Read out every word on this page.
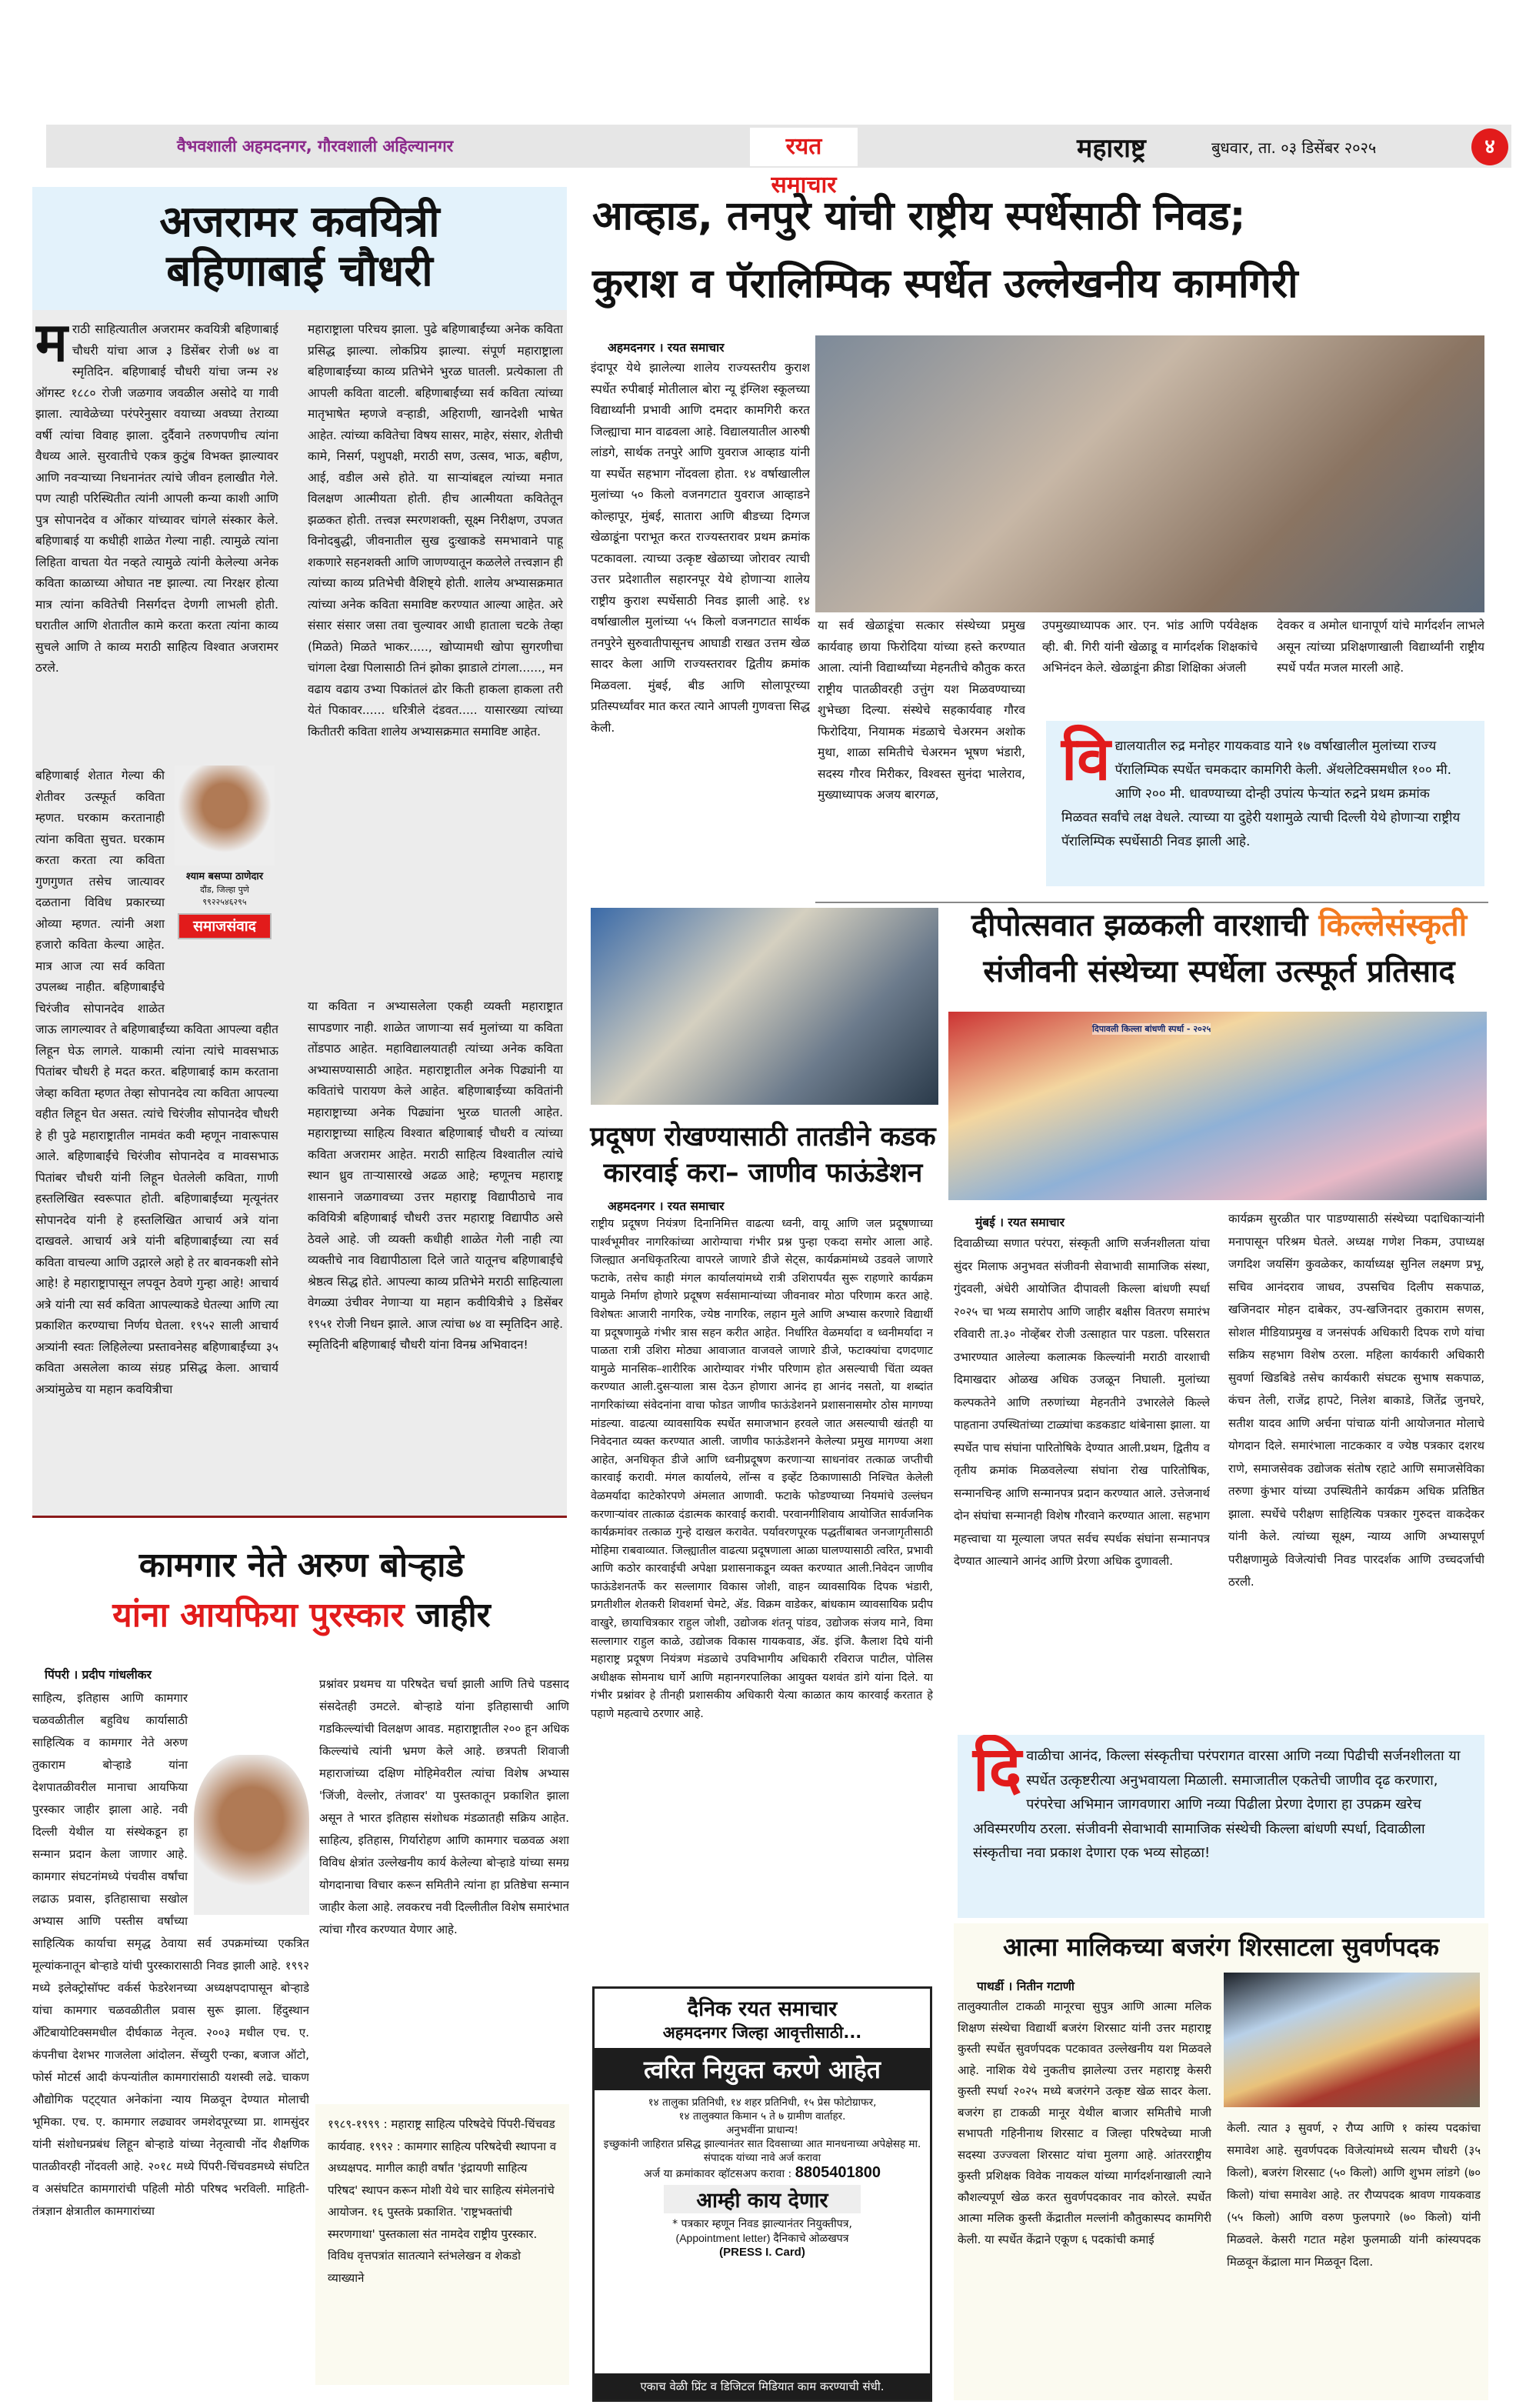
वैभवशाली अहमदनगर, गौरवशाली अहिल्यानगर	रयत समाचार
महाराष्ट्र	बुधवार, ता. ०३ डिसेंबर २०२५	४
अजरामर कवयित्री
बहिणाबाई चौधरी
मराठी साहित्यातील अजरामर कवयित्री बहिणाबाई चौधरी यांचा आज ३ डिसेंबर रोजी ७४ वा स्मृतिदिन. बहिणाबाई चौधरी यांचा जन्म २४ ऑगस्ट १८८० रोजी जळगाव जवळील असोदे या गावी झाला. त्यावेळेच्या परंपरेनुसार वयाच्या अवघ्या तेराव्या वर्षी त्यांचा विवाह झाला. दुर्दैवाने तरुणपणीच त्यांना वैधव्य आले. सुरवातीचे एकत्र कुटुंब विभक्त झाल्यावर आणि नवऱ्याच्या निधनानंतर त्यांचे जीवन हलाखीत गेले. पण त्याही परिस्थितीत त्यांनी आपली कन्या काशी आणि पुत्र सोपानदेव व ओंकार यांच्यावर चांगले संस्कार केले. बहिणाबाई या कधीही शाळेत गेल्या नाही. त्यामुळे त्यांना लिहिता वाचता येत नव्हते त्यामुळे त्यांनी केलेल्या अनेक कविता काळाच्या ओघात नष्ट झाल्या. त्या निरक्षर होत्या मात्र त्यांना कवितेची निसर्गदत्त देणगी लाभली होती. घरातील आणि शेतातील कामे करता करता त्यांना काव्य सुचले आणि ते काव्य मराठी साहित्य विश्वात अजरामर ठरले.
श्याम बसप्पा ठाणेदार
दौंड, जिल्हा पुणे
९९२२५४६२९५
समाजसंवाद
बहिणाबाई शेतात गेल्या की शेतीवर उत्स्फूर्त कविता म्हणत. घरकाम करतानाही त्यांना कविता सुचत. घरकाम करता करता त्या कविता गुणगुणत तसेच जात्यावर दळताना विविध प्रकारच्या ओव्या म्हणत. त्यांनी अशा हजारो कविता केल्या आहेत. मात्र आज त्या सर्व कविता उपलब्ध नाहीत. बहिणाबाईंचे चिरंजीव सोपानदेव शाळेत जाऊ लागल्यावर ते बहिणाबाईंच्या कविता आपल्या वहीत लिहून घेऊ लागले. याकामी त्यांना त्यांचे मावसभाऊ पितांबर चौधरी हे मदत करत. बहिणाबाई काम करताना जेव्हा कविता म्हणत तेव्हा सोपानदेव त्या कविता आपल्या वहीत लिहून घेत असत. त्यांचे चिरंजीव सोपानदेव चौधरी हे ही पुढे महाराष्ट्रातील नामवंत कवी म्हणून नावारूपास आले. बहिणाबाईंचे चिरंजीव सोपानदेव व मावसभाऊ पितांबर चौधरी यांनी लिहून घेतलेली कविता, गाणी हस्तलिखित स्वरूपात होती. बहिणाबाईंच्या मृत्यूनंतर सोपानदेव यांनी हे हस्तलिखित आचार्य अत्रे यांना दाखवले. आचार्य अत्रे यांनी बहिणाबाईंच्या त्या सर्व कविता वाचल्या आणि उद्गारले अहो हे तर बावनकशी सोने आहे! हे महाराष्ट्रापासून लपवून ठेवणे गुन्हा आहे! आचार्य अत्रे यांनी त्या सर्व कविता आपल्याकडे घेतल्या आणि त्या प्रकाशित करण्याचा निर्णय घेतला. १९५२ साली आचार्य अत्र्यांनी स्वतः लिहिलेल्या प्रस्तावनेसह बहिणाबाईंच्या ३५ कविता असलेला काव्य संग्रह प्रसिद्ध केला. आचार्य अत्र्यांमुळेच या महान कवयित्रीचा
महाराष्ट्राला परिचय झाला. पुढे बहिणाबाईंच्या अनेक कविता प्रसिद्ध झाल्या. लोकप्रिय झाल्या. संपूर्ण महाराष्ट्राला बहिणाबाईंच्या काव्य प्रतिभेने भुरळ घातली. प्रत्येकाला ती आपली कविता वाटली. बहिणाबाईंच्या सर्व कविता त्यांच्या मातृभाषेत म्हणजे वऱ्हाडी, अहिराणी, खानदेशी भाषेत आहेत. त्यांच्या कवितेचा विषय सासर, माहेर, संसार, शेतीची कामे, निसर्ग, पशुपक्षी, मराठी सण, उत्सव, भाऊ, बहीण, आई, वडील असे होते. या साऱ्यांबद्दल त्यांच्या मनात विलक्षण आत्मीयता होती. हीच आत्मीयता कवितेतून झळकत होती. तत्त्वज्ञ स्मरणशक्ती, सूक्ष्म निरीक्षण, उपजत विनोदबुद्धी, जीवनातील सुख दुःखाकडे समभावाने पाहू शकणारे सहनशक्ती आणि जाणण्यातून कळलेले तत्त्वज्ञान ही त्यांच्या काव्य प्रतिभेची वैशिष्ट्ये होती. शालेय अभ्यासक्रमात त्यांच्या अनेक कविता समाविष्ट करण्यात आल्या आहेत. अरे संसार संसार जसा तवा चुल्यावर आधी हाताला चटके तेव्हा (मिळते) मिळते भाकर....., खोप्यामधी खोपा सुगरणीचा चांगला देखा पिलासाठी तिनं झोका झाडाले टांगला......, मन वढाय वढाय उभ्या पिकांतलं ढोर किती हाकला हाकला तरी येतं पिकावर...... धरित्रीले दंडवत..... यासारख्या त्यांच्या कितीतरी कविता शालेय अभ्यासक्रमात समाविष्ट आहेत.
या कविता न अभ्यासलेला एकही व्यक्ती महाराष्ट्रात सापडणार नाही. शाळेत जाणाऱ्या सर्व मुलांच्या या कविता तोंडपाठ आहेत. महाविद्यालयातही त्यांच्या अनेक कविता अभ्यासण्यासाठी आहेत. महाराष्ट्रातील अनेक पिढ्यांनी या कवितांचे पारायण केले आहेत. बहिणाबाईंच्या कवितांनी महाराष्ट्राच्या अनेक पिढ्यांना भुरळ घातली आहेत. महाराष्ट्राच्या साहित्य विश्वात बहिणाबाई चौधरी व त्यांच्या कविता अजरामर आहेत. मराठी साहित्य विश्वातील त्यांचे स्थान ध्रुव ताऱ्यासारखे अढळ आहे; म्हणूनच महाराष्ट्र शासनाने जळगावच्या उत्तर महाराष्ट्र विद्यापीठाचे नाव कवियित्री बहिणाबाई चौधरी उत्तर महाराष्ट्र विद्यापीठ असे ठेवले आहे. जी व्यक्ती कधीही शाळेत गेली नाही त्या व्यक्तीचे नाव विद्यापीठाला दिले जाते यातूनच बहिणाबाईंचे श्रेष्ठत्व सिद्ध होते. आपल्या काव्य प्रतिभेने मराठी साहित्याला वेगळ्या उंचीवर नेणाऱ्या या महान कवीयित्रीचे ३ डिसेंबर १९५१ रोजी निधन झाले. आज त्यांचा ७४ वा स्मृतिदिन आहे. स्मृतिदिनी बहिणाबाई चौधरी यांना विनम्र अभिवादन!
आव्हाड, तनपुरे यांची राष्ट्रीय स्पर्धेसाठी निवड;
कुराश व पॅरालिम्पिक स्पर्धेत उल्लेखनीय कामगिरी
अहमदनगर । रयत समाचार
इंदापूर येथे झालेल्या शालेय राज्यस्तरीय कुराश स्पर्धेत रुपीबाई मोतीलाल बोरा न्यू इंग्लिश स्कूलच्या विद्यार्थ्यांनी प्रभावी आणि दमदार कामगिरी करत जिल्ह्याचा मान वाढवला आहे. विद्यालयातील आरुषी लांडगे, सार्थक तनपुरे आणि युवराज आव्हाड यांनी या स्पर्धेत सहभाग नोंदवला होता. १४ वर्षाखालील मुलांच्या ५० किलो वजनगटात युवराज आव्हाडने कोल्हापूर, मुंबई, सातारा आणि बीडच्या दिग्गज खेळाडूंना पराभूत करत राज्यस्तरावर प्रथम क्रमांक पटकावला. त्याच्या उत्कृष्ट खेळाच्या जोरावर त्याची उत्तर प्रदेशातील सहारनपूर येथे होणाऱ्या शालेय राष्ट्रीय कुराश स्पर्धेसाठी निवड झाली आहे. १४ वर्षाखालील मुलांच्या ५५ किलो वजनगटात सार्थक तनपुरेने सुरुवातीपासूनच आघाडी राखत उत्तम खेळ सादर केला आणि राज्यस्तरावर द्वितीय क्रमांक मिळवला. मुंबई, बीड आणि सोलापूरच्या प्रतिस्पर्ध्यांवर मात करत त्याने आपली गुणवत्ता सिद्ध केली.
या सर्व खेळाडूंचा सत्कार संस्थेच्या प्रमुख कार्यवाह छाया फिरोदिया यांच्या हस्ते करण्यात आला. त्यांनी विद्यार्थ्यांच्या मेहनतीचे कौतुक करत राष्ट्रीय पातळीवरही उत्तुंग यश मिळवण्याच्या शुभेच्छा दिल्या. संस्थेचे सहकार्यवाह गौरव फिरोदिया, नियामक मंडळाचे चेअरमन अशोक मुथा, शाळा समितीचे चेअरमन भूषण भंडारी, सदस्य गौरव मिरीकर, विश्वस्त सुनंदा भालेराव, मुख्याध्यापक अजय बारगळ,
उपमुख्याध्यापक आर. एन. भांड आणि पर्यवेक्षक व्ही. बी. गिरी यांनी खेळाडू व मार्गदर्शक शिक्षकांचे अभिनंदन केले. खेळाडूंना क्रीडा शिक्षिका अंजली
देवकर व अमोल धानापूर्ण यांचे मार्गदर्शन लाभले असून त्यांच्या प्रशिक्षणाखाली विद्यार्थ्यांनी राष्ट्रीय स्पर्धे पर्यंत मजल मारली आहे.
विद्यालयातील रुद्र मनोहर गायकवाड याने १७ वर्षाखालील मुलांच्या राज्य पॅरालिम्पिक स्पर्धेत चमकदार कामगिरी केली. ॲथलेटिक्समधील १०० मी. आणि २०० मी. धावण्याच्या दोन्ही उपांत्य फेऱ्यांत रुद्रने प्रथम क्रमांक मिळवत सर्वांचे लक्ष वेधले. त्याच्या या दुहेरी यशामुळे त्याची दिल्ली येथे होणाऱ्या राष्ट्रीय पॅरालिम्पिक स्पर्धेसाठी निवड झाली आहे.
प्रदूषण रोखण्यासाठी तातडीने कडक
कारवाई करा– जाणीव फाऊंडेशन
अहमदनगर । रयत समाचार
राष्ट्रीय प्रदूषण नियंत्रण दिनानिमित्त वाढत्या ध्वनी, वायू आणि जल प्रदूषणाच्या पार्श्वभूमीवर नागरिकांच्या आरोग्याचा गंभीर प्रश्न पुन्हा एकदा समोर आला आहे. जिल्ह्यात अनधिकृतरित्या वापरले जाणारे डीजे सेट्स, कार्यक्रमांमध्ये उडवले जाणारे फटाके, तसेच काही मंगल कार्यालयांमध्ये रात्री उशिरापर्यंत सुरू राहणारे कार्यक्रम यामुळे निर्माण होणारे प्रदूषण सर्वसामान्यांच्या जीवनावर मोठा परिणाम करत आहे. विशेषतः आजारी नागरिक, ज्येष्ठ नागरिक, लहान मुले आणि अभ्यास करणारे विद्यार्थी या प्रदूषणामुळे गंभीर त्रास सहन करीत आहेत. निर्धारित वेळमर्यादा व ध्वनीमर्यादा न पाळता रात्री उशिरा मोठ्या आवाजात वाजवले जाणारे डीजे, फटाक्यांचा दणदणाट यामुळे मानसिक–शारीरिक आरोग्यावर गंभीर परिणाम होत असल्याची चिंता व्यक्त करण्यात आली.दुसऱ्याला त्रास देऊन होणारा आनंद हा आनंद नसतो, या शब्दांत नागरिकांच्या संवेदनांना वाचा फोडत जाणीव फाऊंडेशनने प्रशासनासमोर ठोस मागण्या मांडल्या. वाढत्या व्यावसायिक स्पर्धेत समाजभान हरवले जात असल्याची खंतही या निवेदनात व्यक्त करण्यात आली. जाणीव फाऊंडेशनने केलेल्या प्रमुख मागण्या अशा आहेत, अनधिकृत डीजे आणि ध्वनीप्रदूषण करणाऱ्या साधनांवर तत्काळ जप्तीची कारवाई करावी. मंगल कार्यालये, लॉन्स व इव्हेंट ठिकाणासाठी निश्चित केलेली वेळमर्यादा काटेकोरपणे अंमलात आणावी. फटाके फोडण्याच्या नियमांचे उल्लंघन करणाऱ्यांवर तात्काळ दंडात्मक कारवाई करावी. परवानगीशिवाय आयोजित सार्वजनिक कार्यक्रमांवर तत्काळ गुन्हे दाखल करावेत. पर्यावरणपूरक पद्धतींबाबत जनजागृतीसाठी मोहिमा राबवाव्यात. जिल्ह्यातील वाढत्या प्रदूषणाला आळा घालण्यासाठी त्वरित, प्रभावी आणि कठोर कारवाईची अपेक्षा प्रशासनाकडून व्यक्त करण्यात आली.निवेदन जाणीव फाऊंडेशनतर्फे कर सल्लागार विकास जोशी, वाहन व्यावसायिक दिपक भंडारी, प्रगतीशील शेतकरी शिवशर्मा चेमटे, ॲड. विक्रम वाडेकर, बांधकाम व्यावसायिक प्रदीप वाखुरे, छायाचित्रकार राहुल जोशी, उद्योजक शंतनू पांडव, उद्योजक संजय माने, विमा सल्लागार राहुल काळे, उद्योजक विकास गायकवाड, ॲड. इंजि. कैलाश दिघे यांनी महाराष्ट्र प्रदूषण नियंत्रण मंडळाचे उपविभागीय अधिकारी रविराज पाटील, पोलिस अधीक्षक सोमनाथ घार्गे आणि महानगरपालिका आयुक्त यशवंत डांगे यांना दिले. या गंभीर प्रश्नांवर हे तीनही प्रशासकीय अधिकारी येत्या काळात काय कारवाई करतात हे पहाणे महत्वाचे ठरणार आहे.
दैनिक रयत समाचार
अहमदनगर जिल्हा आवृत्तीसाठी...
त्वरित नियुक्त करणे आहेत
१४ तालुका प्रतिनिधी, १४ शहर प्रतिनिधी, १५ प्रेस फोटोग्राफर,
१४ तालुक्यात किमान ५ ते ७ ग्रामीण वार्ताहर.
अनुभवींना प्राधान्य!
इच्छुकांनी जाहिरात प्रसिद्ध झाल्यानंतर सात दिवसाच्या आत मानधनाच्या अपेक्षेसह मा. संपादक यांच्या नावे अर्ज करावा
अर्ज या क्रमांकावर व्हॉटसअप करावा : 8805401800
आम्ही काय देणार
* पत्रकार म्हणून निवड झाल्यानंतर नियुक्तीपत्र,
(Appointment letter) दैनिकाचे ओळखपत्र
(PRESS I. Card)
एकाच वेळी प्रिंट व डिजिटल मिडियात काम करण्याची संधी.
दीपोत्सवात झळकली वारशाची किल्लेसंस्कृती
संजीवनी संस्थेच्या स्पर्धेला उत्स्फूर्त प्रतिसाद
दिपावली किल्ला बांधणी स्पर्धा - २०२५
मुंबई । रयत समाचार
दिवाळीच्या सणात परंपरा, संस्कृती आणि सर्जनशीलता यांचा सुंदर मिलाफ अनुभवत संजीवनी सेवाभावी सामाजिक संस्था, गुंदवली, अंधेरी आयोजित दीपावली किल्ला बांधणी स्पर्धा २०२५ चा भव्य समारोप आणि जाहीर बक्षीस वितरण समारंभ रविवारी ता.३० नोव्हेंबर रोजी उत्साहात पार पडला. परिसरात उभारण्यात आलेल्या कलात्मक किल्ल्यांनी मराठी वारशाची दिमाखदार ओळख अधिक उजळून निघाली. मुलांच्या कल्पकतेने आणि तरुणांच्या मेहनतीने उभारलेले किल्ले पाहताना उपस्थितांच्या टाळ्यांचा कडकडाट थांबेनासा झाला. या स्पर्धेत पाच संघांना पारितोषिके देण्यात आली.प्रथम, द्वितीय व तृतीय क्रमांक मिळवलेल्या संघांना रोख पारितोषिक, सन्मानचिन्ह आणि सन्मानपत्र प्रदान करण्यात आले. उत्तेजनार्थ दोन संघांचा सन्मानही विशेष गौरवाने करण्यात आला. सहभाग महत्त्वाचा या मूल्याला जपत सर्वच स्पर्धक संघांना सन्मानपत्र देण्यात आल्याने आनंद आणि प्रेरणा अधिक दुणावली.
कार्यक्रम सुरळीत पार पाडण्यासाठी संस्थेच्या पदाधिकाऱ्यांनी मनापासून परिश्रम घेतले. अध्यक्ष गणेश निकम, उपाध्यक्ष जगदिश जयसिंग कुवळेकर, कार्याध्यक्ष सुनिल लक्ष्मण प्रभू, सचिव आनंदराव जाधव, उपसचिव दिलीप सकपाळ, खजिनदार मोहन दाबेकर, उप-खजिनदार तुकाराम सणस, सोशल मीडियाप्रमुख व जनसंपर्क अधिकारी दिपक राणे यांचा सक्रिय सहभाग विशेष ठरला. महिला कार्यकारी अधिकारी सुवर्णा खिडबिडे तसेच कार्यकारी संघटक सुभाष सकपाळ, कंचन तेली, राजेंद्र हापटे, निलेश बाकाडे, जितेंद्र जुनघरे, सतीश यादव आणि अर्चना पांचाळ यांनी आयोजनात मोलाचे योगदान दिले. समारंभाला नाटककार व ज्येष्ठ पत्रकार दशरथ राणे, समाजसेवक उद्योजक संतोष रहाटे आणि समाजसेविका तरुणा कुंभार यांच्या उपस्थितीने कार्यक्रम अधिक प्रतिष्ठित झाला. स्पर्धेचे परीक्षण साहित्यिक पत्रकार गुरुदत्त वाकदेकर यांनी केले. त्यांच्या सूक्ष्म, न्याय्य आणि अभ्यासपूर्ण परीक्षणामुळे विजेत्यांची निवड पारदर्शक आणि उच्चदर्जाची ठरली.
दिवाळीचा आनंद, किल्ला संस्कृतीचा परंपरागत वारसा आणि नव्या पिढीची सर्जनशीलता या स्पर्धेत उत्कृष्टरीत्या अनुभवायला मिळाली. समाजातील एकतेची जाणीव दृढ करणारा, परंपरेचा अभिमान जागवणारा आणि नव्या पिढीला प्रेरणा देणारा हा उपक्रम खरेच अविस्मरणीय ठरला. संजीवनी सेवाभावी सामाजिक संस्थेची किल्ला बांधणी स्पर्धा, दिवाळीला संस्कृतीचा नवा प्रकाश देणारा एक भव्य सोहळा!
कामगार नेते अरुण बोऱ्हाडे
यांना आयफिया पुरस्कार जाहीर
पिंपरी । प्रदीप गांधलीकर
साहित्य, इतिहास आणि कामगार चळवळीतील बहुविध कार्यासाठी साहित्यिक व कामगार नेते अरुण तुकाराम बोऱ्हाडे यांना देशपातळीवरील मानाचा आयफिया पुरस्कार जाहीर झाला आहे. नवी दिल्ली येथील या संस्थेकडून हा सन्मान प्रदान केला जाणार आहे. कामगार संघटनांमध्ये पंचवीस वर्षांचा लढाऊ प्रवास, इतिहासाचा सखोल अभ्यास आणि पस्तीस वर्षांच्या साहित्यिक कार्याचा समृद्ध ठेवाया सर्व उपक्रमांच्या एकत्रित मूल्यांकनातून बोऱ्हाडे यांची पुरस्कारासाठी निवड झाली आहे. १९९२ मध्ये इलेक्ट्रोसॉफ्ट वर्कर्स फेडरेशनच्या अध्यक्षपदापासून बोऱ्हाडे यांचा कामगार चळवळीतील प्रवास सुरू झाला. हिंदुस्थान अँटिबायोटिक्समधील दीर्घकाळ नेतृत्व. २००३ मधील एच. ए. कंपनीचा देशभर गाजलेला आंदोलन. सेंच्युरी एन्का, बजाज ऑटो, फोर्स मोटर्स आदी कंपन्यांतील कामगारांसाठी यशस्वी लढे. चाकण औद्योगिक पट्ट्यात अनेकांना न्याय मिळवून देण्यात मोलाची भूमिका. एच. ए. कामगार लढ्यावर जमशेदपूरच्या प्रा. शामसुंदर यांनी संशोधनप्रबंध लिहून बोऱ्हाडे यांच्या नेतृत्वाची नोंद शैक्षणिक पातळीवरही नोंदवली आहे. २०१८ मध्ये पिंपरी-चिंचवडमध्ये संघटित व असंघटित कामगारांची पहिली मोठी परिषद भरविली. माहिती-तंत्रज्ञान क्षेत्रातील कामगारांच्या
प्रश्नांवर प्रथमच या परिषदेत चर्चा झाली आणि तिचे पडसाद संसदेतही उमटले. बोऱ्हाडे यांना इतिहासाची आणि गडकिल्ल्यांची विलक्षण आवड. महाराष्ट्रातील २०० हून अधिक किल्ल्यांचे त्यांनी भ्रमण केले आहे. छत्रपती शिवाजी महाराजांच्या दक्षिण मोहिमेवरील त्यांचा विशेष अभ्यास 'जिंजी, वेल्लोर, तंजावर' या पुस्तकातून प्रकाशित झाला असून ते भारत इतिहास संशोधक मंडळातही सक्रिय आहेत. साहित्य, इतिहास, गिर्यारोहण आणि कामगार चळवळ अशा विविध क्षेत्रांत उल्लेखनीय कार्य केलेल्या बोऱ्हाडे यांच्या समग्र योगदानाचा विचार करून समितीने त्यांना हा प्रतिष्ठेचा सन्मान जाहीर केला आहे. लवकरच नवी दिल्लीतील विशेष समारंभात त्यांचा गौरव करण्यात येणार आहे.
१९८९-१९९९ : महाराष्ट्र साहित्य परिषदेचे पिंपरी-चिंचवड कार्यवाह. १९९२ : कामगार साहित्य परिषदेची स्थापना व अध्यक्षपद. मागील काही वर्षांत 'इंद्रायणी साहित्य परिषद' स्थापन करून मोशी येथे चार साहित्य संमेलनांचे आयोजन. १६ पुस्तके प्रकाशित. 'राष्ट्रभक्तांची स्मरणगाथा' पुस्तकाला संत नामदेव राष्ट्रीय पुरस्कार. विविध वृत्तपत्रांत सातत्याने स्तंभलेखन व शेकडो व्याख्याने
आत्मा मालिकच्या बजरंग शिरसाटला सुवर्णपदक
पाथर्डी । नितीन गटाणी
तालुक्यातील टाकळी मानूरचा सुपुत्र आणि आत्मा मलिक शिक्षण संस्थेचा विद्यार्थी बजरंग शिरसाट यांनी उत्तर महाराष्ट्र कुस्ती स्पर्धेत सुवर्णपदक पटकावत उल्लेखनीय यश मिळवले आहे. नाशिक येथे नुकतीच झालेल्या उत्तर महाराष्ट्र केसरी कुस्ती स्पर्धा २०२५ मध्ये बजरंगने उत्कृष्ट खेळ सादर केला. बजरंग हा टाकळी मानूर येथील बाजार समितीचे माजी सभापती गहिनीनाथ शिरसाट व जिल्हा परिषदेच्या माजी सदस्या उज्ज्वला शिरसाट यांचा मुलगा आहे. आंतरराष्ट्रीय कुस्ती प्रशिक्षक विवेक नायकल यांच्या मार्गदर्शनाखाली त्याने कौशल्यपूर्ण खेळ करत सुवर्णपदकावर नाव कोरले. स्पर्धेत आत्मा मलिक कुस्ती केंद्रातील मल्लांनी कौतुकास्पद कामगिरी केली. या स्पर्धेत केंद्राने एकूण ६ पदकांची कमाई
केली. त्यात ३ सुवर्ण, २ रौप्य आणि १ कांस्य पदकांचा समावेश आहे. सुवर्णपदक विजेत्यांमध्ये सत्यम चौधरी (३५ किलो), बजरंग शिरसाट (५० किलो) आणि शुभम लांडगे (७० किलो) यांचा समावेश आहे. तर रौप्यपदक श्रावण गायकवाड (५५ किलो) आणि वरुण फुलपगारे (७० किलो) यांनी मिळवले. केसरी गटात महेश फुलमाळी यांनी कांस्यपदक मिळवून केंद्राला मान मिळवून दिला.
